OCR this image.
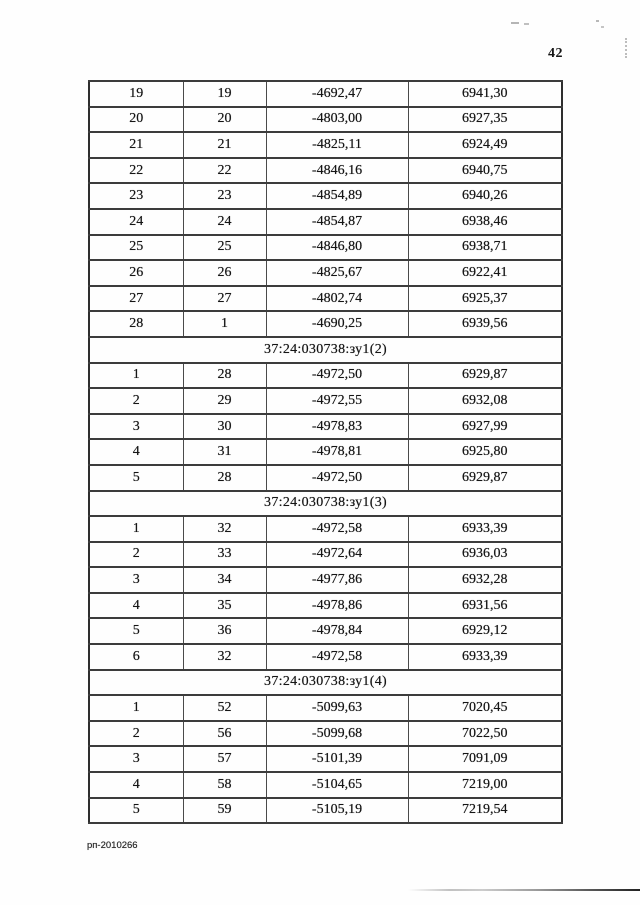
42
19	19	-4692,47	6941,30
20	20	-4803,00	6927,35
21	21	-4825,11	6924,49
22	22	-4846,16	6940,75
23	23	-4854,89	6940,26
24	24	-4854,87	6938,46
25	25	-4846,80	6938,71
26	26	-4825,67	6922,41
27	27	-4802,74	6925,37
28	1	-4690,25	6939,56
37:24:030738:зу1(2)			
1	28	-4972,50	6929,87
2	29	-4972,55	6932,08
3	30	-4978,83	6927,99
4	31	-4978,81	6925,80
5	28	-4972,50	6929,87
37:24:030738:зу1(3)			
1	32	-4972,58	6933,39
2	33	-4972,64	6936,03
3	34	-4977,86	6932,28
4	35	-4978,86	6931,56
5	36	-4978,84	6929,12
6	32	-4972,58	6933,39
37:24:030738:зу1(4)			
1	52	-5099,63	7020,45
2	56	-5099,68	7022,50
3	57	-5101,39	7091,09
4	58	-5104,65	7219,00
5	59	-5105,19	7219,54
рп-2010266
